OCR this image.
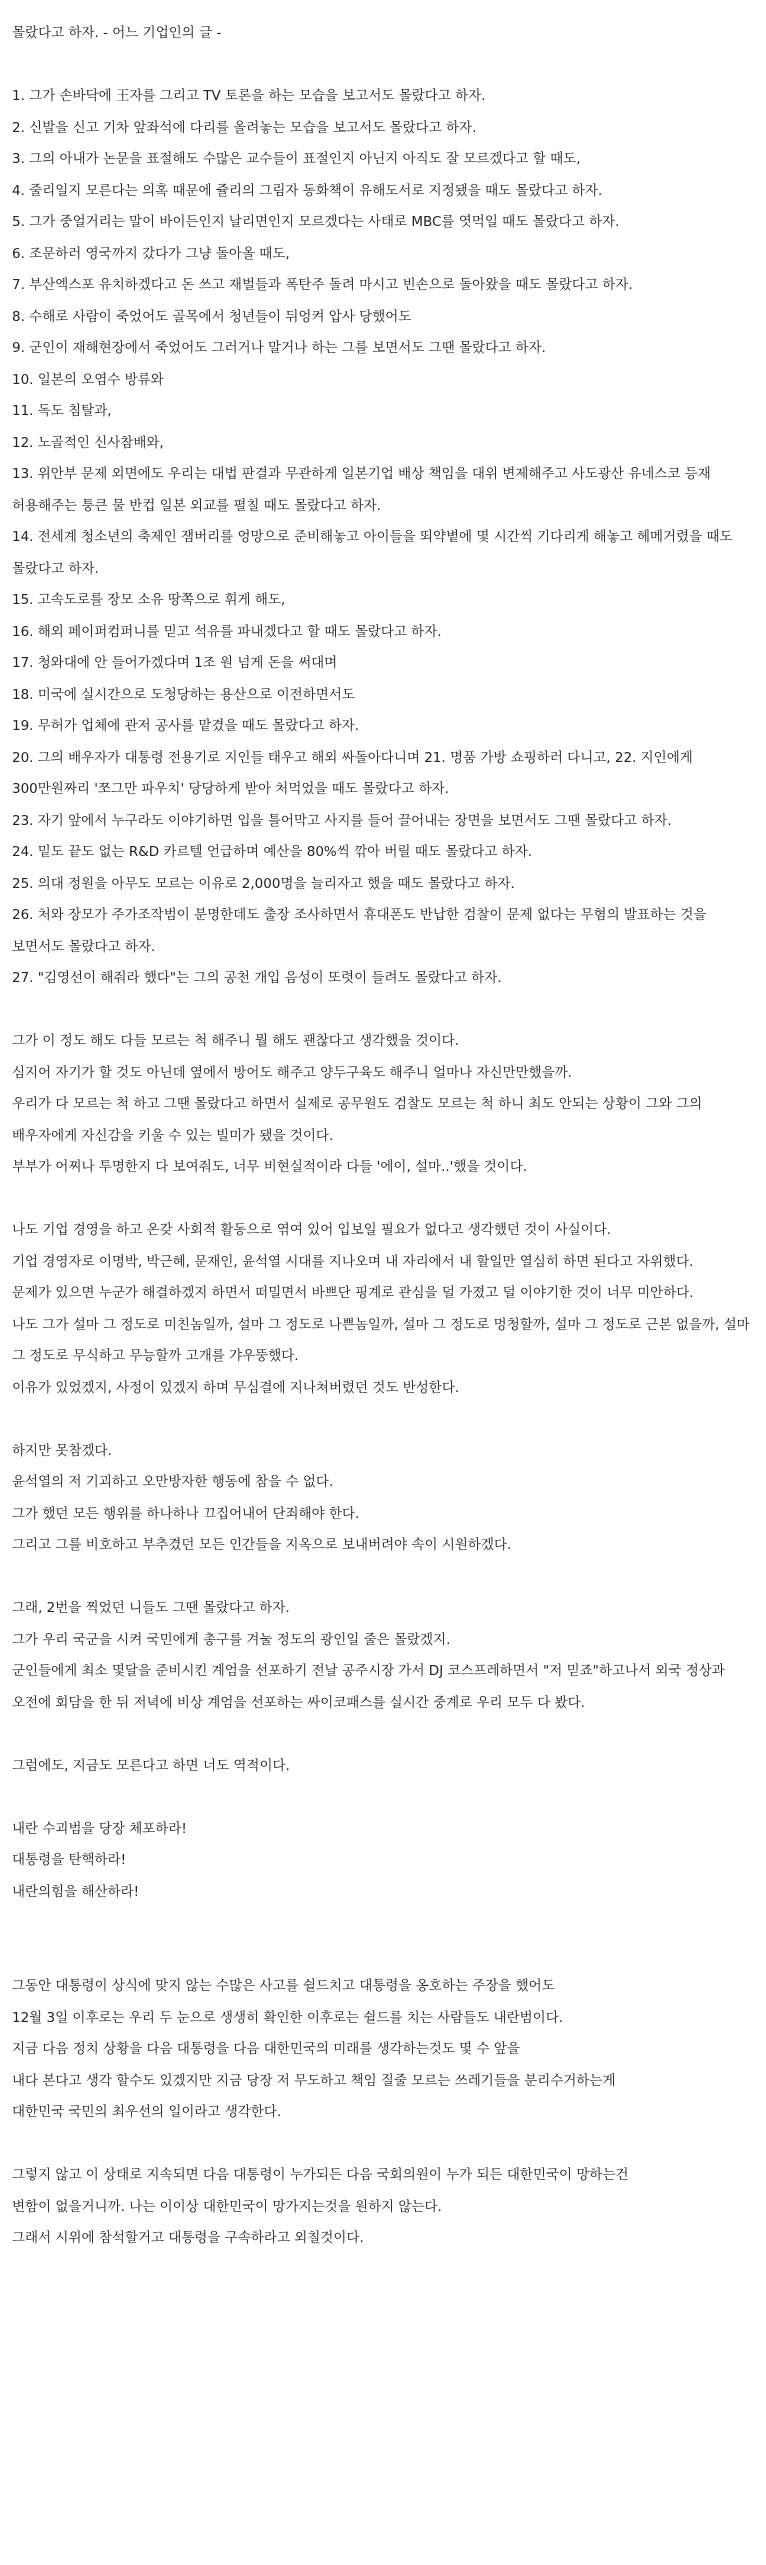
몰랐다고 하자. - 어느 기업인의 글 -

1. 그가 손바닥에 王자를 그리고 TV 토론을 하는 모습을 보고서도 몰랐다고 하자.

2. 신발을 신고 기차 앞좌석에 다리를 올려놓는 모습을 보고서도 몰랐다고 하자.

3. 그의 아내가 논문을 표절해도 수많은 교수들이 표절인지 아닌지 아직도 잘 모르겠다고 할 때도,

4. 줄리일지 모른다는 의혹 때문에 쥴리의 그림자 동화책이 유해도서로 지정됐을 때도 몰랐다고 하자.

5. 그가 중얼거리는 말이 바이든인지 날리면인지 모르겠다는 사태로 MBC를 엿먹일 때도 몰랐다고 하자.

6. 조문하러 영국까지 갔다가 그냥 돌아올 때도,

7. 부산엑스포 유치하겠다고 돈 쓰고 재벌들과 폭탄주 돌려 마시고 빈손으로 돌아왔을 때도 몰랐다고 하자.

8. 수해로 사람이 죽었어도 골목에서 청년들이 뒤엉켜 압사 당했어도

9. 군인이 재해현장에서 죽었어도 그러거나 말거나 하는 그를 보면서도 그땐 몰랐다고 하자.

10. 일본의 오염수 방류와

11. 독도 침탈과,

12. 노골적인 신사참배와,

13. 위안부 문제 외면에도 우리는 대법 판결과 무관하게 일본기업 배상 책임을 대위 변제해주고 사도광산 유네스코 등재 허용해주는 퉁큰 물 반컵 일본 외교를 펼칠 때도 몰랐다고 하자.

14. 전세계 청소년의 축제인 잼버리를 엉망으로 준비해놓고 아이들을 뙤약볕에 몇 시간씩 기다리게 해놓고 헤메거렸을 때도 몰랐다고 하자.

15. 고속도로를 장모 소유 땅쪽으로 휘게 해도,

16. 해외 페이퍼컴퍼니를 믿고 석유를 파내겠다고 할 때도 몰랐다고 하자.

17. 청와대에 안 들어가겠다며 1조 원 넘게 돈을 써대며

18. 미국에 실시간으로 도청당하는 용산으로 이전하면서도

19. 무허가 업체에 관저 공사를 맡겼을 때도 몰랐다고 하자.

20. 그의 배우자가 대통령 전용기로 지인들 태우고 해외 싸돌아다니며 21. 명품 가방 쇼핑하러 다니고, 22. 지인에게 300만원짜리 '쪼그만 파우치' 당당하게 받아 처먹었을 때도 몰랐다고 하자.

23. 자기 앞에서 누구라도 이야기하면 입을 틀어막고 사지를 들어 끌어내는 장면을 보면서도 그땐 몰랐다고 하자.

24. 밑도 끝도 없는 R&D 카르텔 언급하며 예산을 80%씩 깎아 버릴 때도 몰랐다고 하자.

25. 의대 정원을 아무도 모르는 이유로 2,000명을 늘리자고 했을 때도 몰랐다고 하자.

26. 처와 장모가 주가조작범이 분명한데도 출장 조사하면서 휴대폰도 반납한 검찰이 문제 없다는 무혐의 발표하는 것을 보면서도 몰랐다고 하자.

27. "김영선이 해줘라 했다"는 그의 공천 개입 음성이 또렷이 들려도 몰랐다고 하자.

그가 이 정도 해도 다들 모르는 척 해주니 뭘 해도 괜찮다고 생각했을 것이다.

심지어 자기가 할 것도 아닌데 옆에서 방어도 해주고 양두구육도 해주니 얼마나 자신만만했을까.

우리가 다 모르는 척 하고 그땐 몰랐다고 하면서 실제로 공무원도 검찰도 모르는 척 하니 최도 안되는 상황이 그와 그의 배우자에게 자신감을 키울 수 있는 빌미가 됐을 것이다.

부부가 어찌나 투명한지 다 보여줘도, 너무 비현실적이라 다들 '에이, 설마..'했을 것이다.

나도 기업 경영을 하고 온갖 사회적 활동으로 엮여 있어 입보일 필요가 없다고 생각했던 것이 사실이다.

기업 경영자로 이명박, 박근혜, 문재인, 윤석열 시대를 지나오며 내 자리에서 내 할일만 열심히 하면 된다고 자위했다.

문제가 있으면 누군가 해결하겠지 하면서 떠밀면서 바쁘단 핑계로 관심을 덜 가졌고 덜 이야기한 것이 너무 미안하다.

나도 그가 설마 그 정도로 미친놈일까, 설마 그 정도로 나쁜놈일까, 설마 그 정도로 멍청할까, 설마 그 정도로 근본 없을까, 설마 그 정도로 무식하고 무능할까 고개를 갸우뚱했다.

이유가 있었겠지, 사정이 있겠지 하며 무심결에 지나쳐버렸던 것도 반성한다.

하지만 못참겠다.

윤석열의 저 기괴하고 오만방자한 행동에 참을 수 없다.

그가 했던 모든 행위를 하나하나 끄집어내어 단죄해야 한다.

그리고 그를 비호하고 부추겼던 모든 인간들을 지옥으로 보내버려야 속이 시원하겠다.

그래, 2번을 찍었던 니들도 그땐 몰랐다고 하자.

그가 우리 국군을 시켜 국민에게 총구를 겨눌 정도의 광인일 줄은 몰랐겠지.

군인들에게 최소 몇달을 준비시킨 계엄을 선포하기 전날 공주시장 가서 DJ 코스프레하면서 "저 믿죠"하고나서 외국 정상과 오전에 회담을 한 뒤 저녁에 비상 계엄을 선포하는 싸이코패스를 실시간 중계로 우리 모두 다 봤다.

그럼에도, 지금도 모른다고 하면 너도 역적이다.

내란 수괴범을 당장 체포하라!

대통령을 탄핵하라!

내란의힘을 해산하라!

그동안 대통령이 상식에 맞지 않는 수많은 사고를 쉴드치고 대통령을 옹호하는 주장을 했어도

12월 3일 이후로는 우리 두 눈으로 생생히 확인한 이후로는 쉴드를 치는 사람들도 내란범이다.

지금 다음 정치 상황을 다음 대통령을 다음 대한민국의 미래를 생각하는것도 몇 수 앞을

내다 본다고 생각 할수도 있겠지만 지금 당장 저 무도하고 책임 질줄 모르는 쓰레기들을 분리수거하는게

대한민국 국민의 최우선의 일이라고 생각한다.

그렇지 않고 이 상태로 지속되면 다음 대통령이 누가되든 다음 국회의원이 누가 되든 대한민국이 망하는건

변함이 없을거니까. 나는 이이상 대한민국이 망가지는것을 원하지 않는다.

그래서 시위에 참석할거고 대통령을 구속하라고 외칠것이다.
